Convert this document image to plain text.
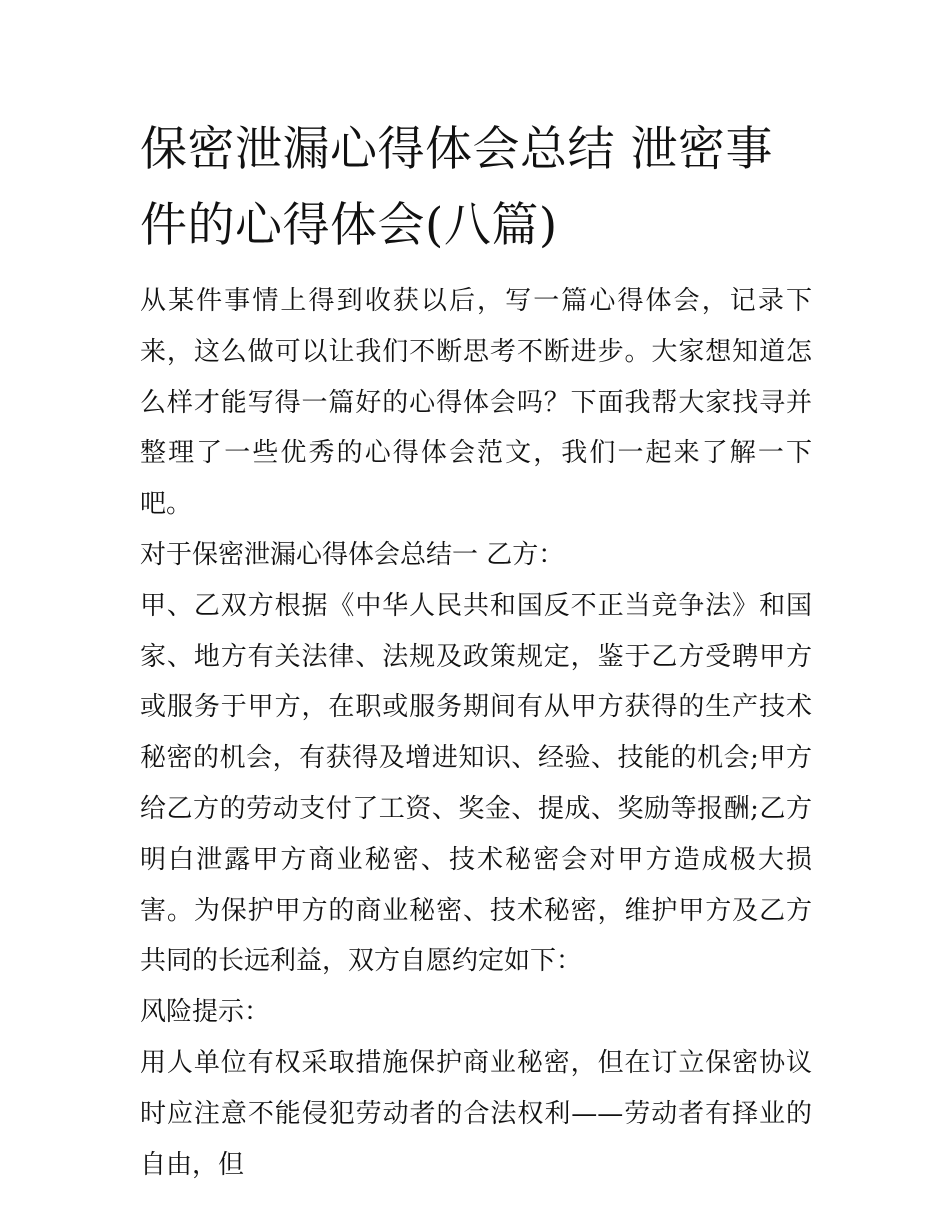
保密泄漏心得体会总结 泄密事件的心得体会(八篇)

从某件事情上得到收获以后，写一篇心得体会，记录下来，这么做可以让我们不断思考不断进步。大家想知道怎么样才能写得一篇好的心得体会吗？下面我帮大家找寻并整理了一些优秀的心得体会范文，我们一起来了解一下吧。

对于保密泄漏心得体会总结一 乙方：

甲、乙双方根据《中华人民共和国反不正当竞争法》和国家、地方有关法律、法规及政策规定，鉴于乙方受聘甲方或服务于甲方，在职或服务期间有从甲方获得的生产技术秘密的机会，有获得及增进知识、经验、技能的机会;甲方给乙方的劳动支付了工资、奖金、提成、奖励等报酬;乙方明白泄露甲方商业秘密、技术秘密会对甲方造成极大损害。为保护甲方的商业秘密、技术秘密，维护甲方及乙方共同的长远利益，双方自愿约定如下：

风险提示：

用人单位有权采取措施保护商业秘密，但在订立保密协议时应注意不能侵犯劳动者的合法权利——劳动者有择业的自由，但
